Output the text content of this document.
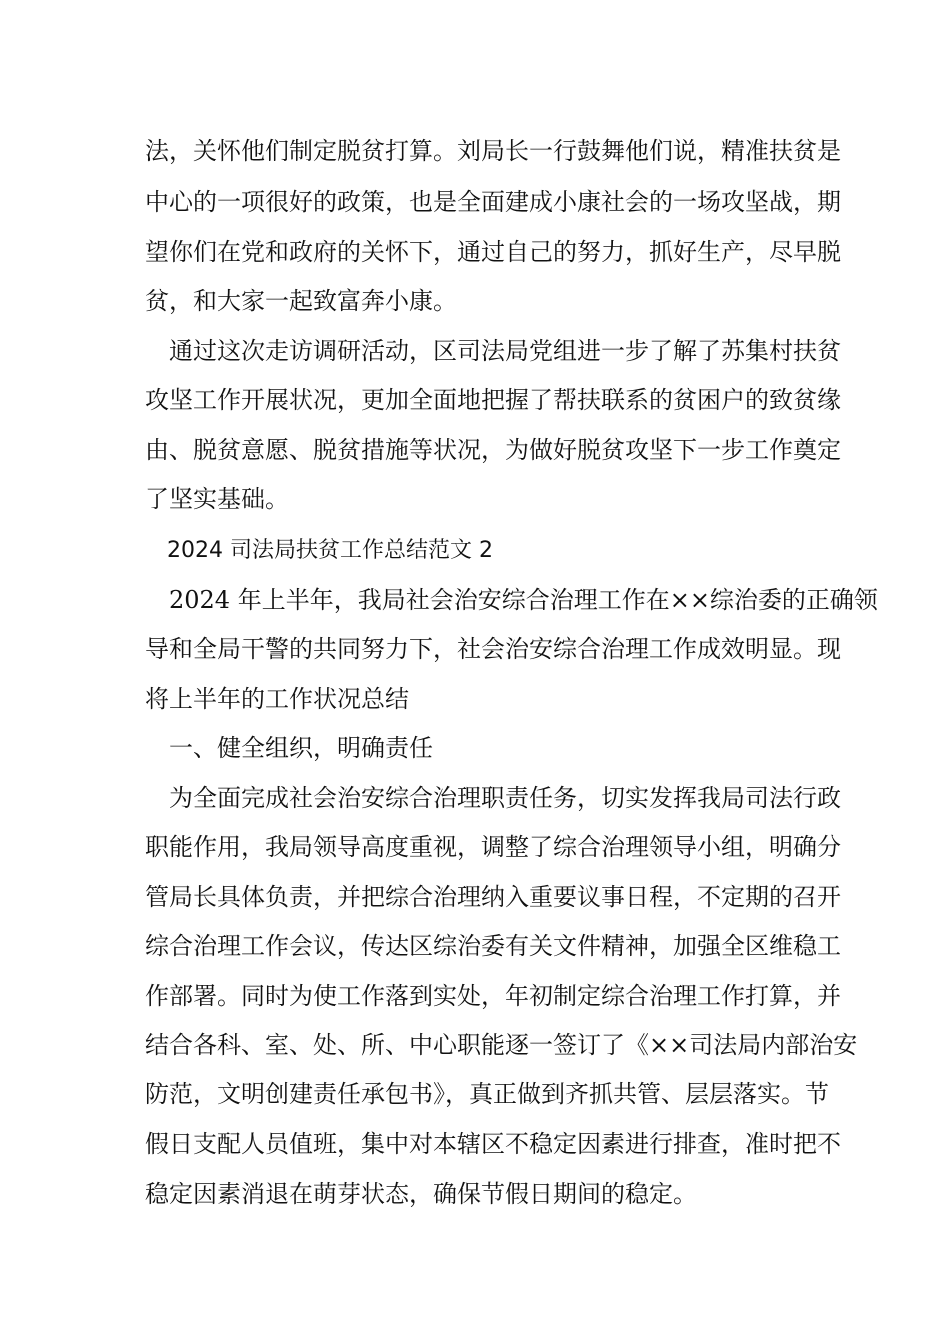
法，关怀他们制定脱贫打算。刘局长一行鼓舞他们说，精准扶贫是
中心的一项很好的政策，也是全面建成小康社会的一场攻坚战，期
望你们在党和政府的关怀下，通过自己的努力，抓好生产，尽早脱
贫，和大家一起致富奔小康。
　通过这次走访调研活动，区司法局党组进一步了解了苏集村扶贫
攻坚工作开展状况，更加全面地把握了帮扶联系的贫困户的致贫缘
由、脱贫意愿、脱贫措施等状况，为做好脱贫攻坚下一步工作奠定
了坚实基础。
　2024 司法局扶贫工作总结范文 2
　2024 年上半年，我局社会治安综合治理工作在××综治委的正确领
导和全局干警的共同努力下，社会治安综合治理工作成效明显。现
将上半年的工作状况总结
　一、健全组织，明确责任
　为全面完成社会治安综合治理职责任务，切实发挥我局司法行政
职能作用，我局领导高度重视，调整了综合治理领导小组，明确分
管局长具体负责，并把综合治理纳入重要议事日程，不定期的召开
综合治理工作会议，传达区综治委有关文件精神，加强全区维稳工
作部署。同时为使工作落到实处，年初制定综合治理工作打算，并
结合各科、室、处、所、中心职能逐一签订了《××司法局内部治安
防范，文明创建责任承包书》，真正做到齐抓共管、层层落实。节
假日支配人员值班，集中对本辖区不稳定因素进行排查，准时把不
稳定因素消退在萌芽状态，确保节假日期间的稳定。
